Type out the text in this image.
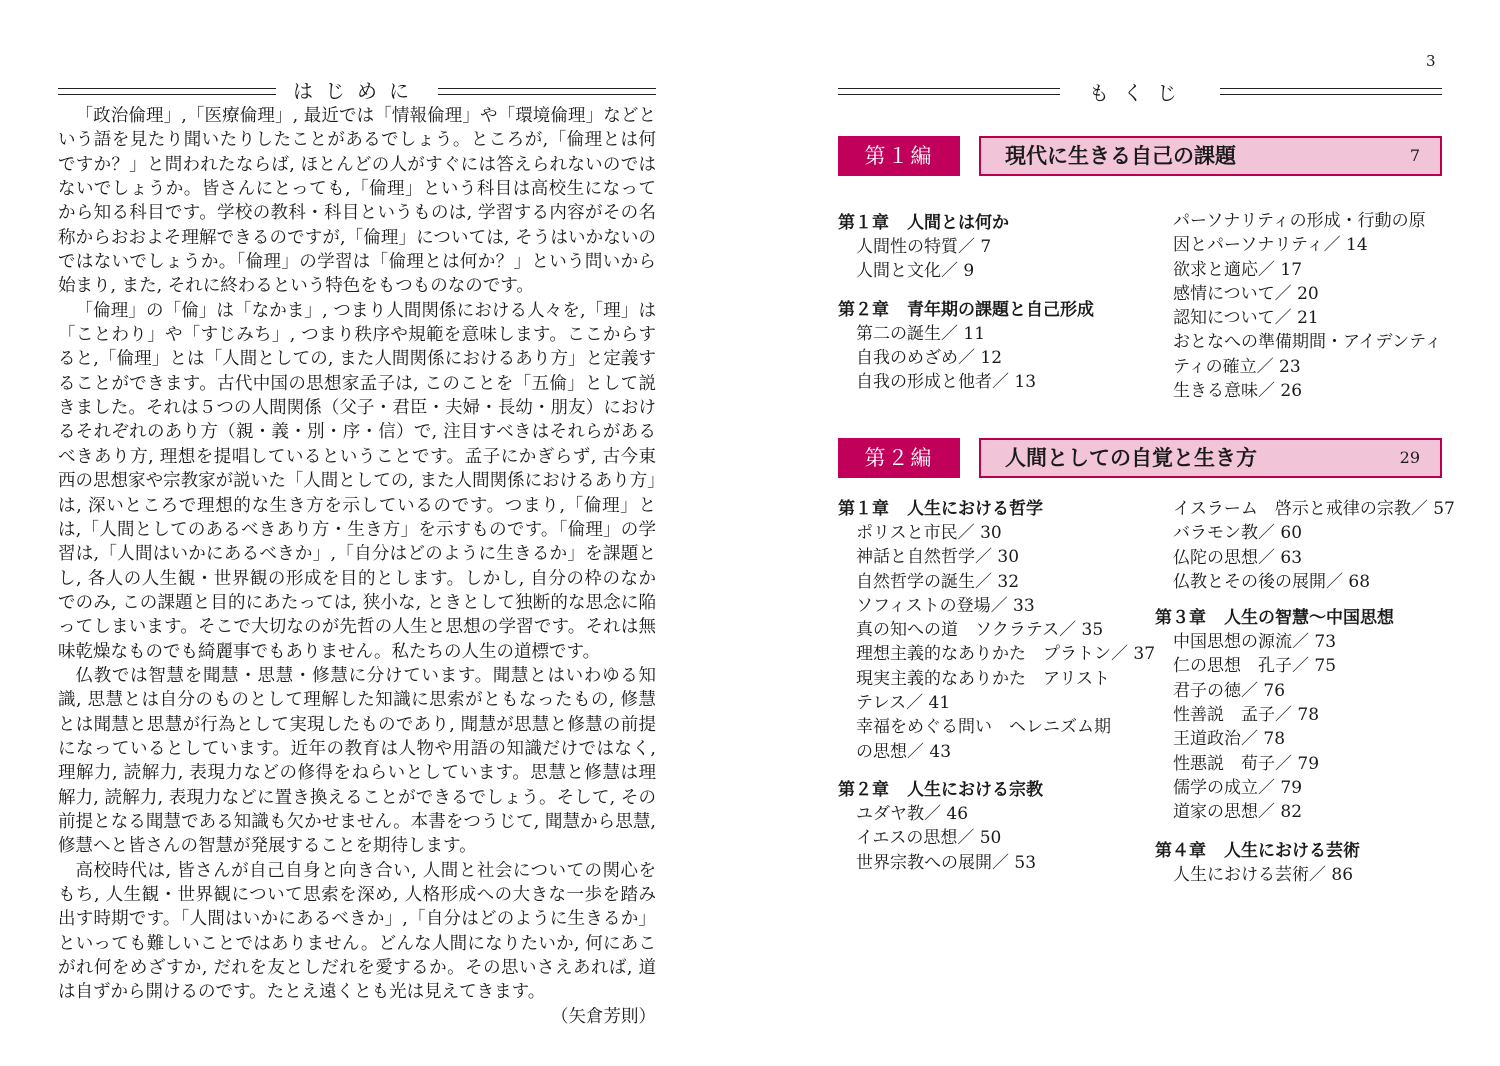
3
はじめに

「政治倫理」,「医療倫理」, 最近では「情報倫理」や「環境倫理」などという語を見たり聞いたりしたことがあるでしょう。ところが,「倫理とは何ですか？」と問われたならば, ほとんどの人がすぐには答えられないのではないでしょうか。皆さんにとっても,「倫理」という科目は高校生になってから知る科目です。学校の教科・科目というものは, 学習する内容がその名称からおおよそ理解できるのですが,「倫理」については, そうはいかないのではないでしょうか。「倫理」の学習は「倫理とは何か？」という問いから始まり, また, それに終わるという特色をもつものなのです。

「倫理」の「倫」は「なかま」, つまり人間関係における人々を,「理」は「ことわり」や「すじみち」, つまり秩序や規範を意味します。ここからすると,「倫理」とは「人間としての, また人間関係におけるあり方」と定義することができます。古代中国の思想家孟子は, このことを「五倫」として説きました。それは５つの人間関係（父子・君臣・夫婦・長幼・朋友）におけるそれぞれのあり方（親・義・別・序・信）で, 注目すべきはそれらがあるべきあり方, 理想を提唱しているということです。孟子にかぎらず, 古今東西の思想家や宗教家が説いた「人間としての, また人間関係におけるあり方」は, 深いところで理想的な生き方を示しているのです。つまり,「倫理」とは,「人間としてのあるべきあり方・生き方」を示すものです。「倫理」の学習は,「人間はいかにあるべきか」,「自分はどのように生きるか」を課題とし, 各人の人生観・世界観の形成を目的とします。しかし, 自分の枠のなかでのみ, この課題と目的にあたっては, 狭小な, ときとして独断的な思念に陥ってしまいます。そこで大切なのが先哲の人生と思想の学習です。それは無味乾燥なものでも綺麗事でもありません。私たちの人生の道標です。

仏教では智慧を聞慧・思慧・修慧に分けています。聞慧とはいわゆる知識, 思慧とは自分のものとして理解した知識に思索がともなったもの, 修慧とは聞慧と思慧が行為として実現したものであり, 聞慧が思慧と修慧の前提になっているとしています。近年の教育は人物や用語の知識だけではなく, 理解力, 読解力, 表現力などの修得をねらいとしています。思慧と修慧は理解力, 読解力, 表現力などに置き換えることができるでしょう。そして, その前提となる聞慧である知識も欠かせません。本書をつうじて, 聞慧から思慧, 修慧へと皆さんの智慧が発展することを期待します。

高校時代は, 皆さんが自己自身と向き合い, 人間と社会についての関心をもち, 人生観・世界観について思索を深め, 人格形成への大きな一歩を踏み出す時期です。「人間はいかにあるべきか」,「自分はどのように生きるか」といっても難しいことではありません。どんな人間になりたいか, 何にあこがれ何をめざすか, だれを友としだれを愛するか。その思いさえあれば, 道は自ずから開けるのです。たとえ遠くとも光は見えてきます。
（矢倉芳則）

もくじ
第１編	現代に生きる自己の課題	7
第１章 人間とは何か
人間性の特質／ 7
人間と文化／ 9
第２章 青年期の課題と自己形成
第二の誕生／ 11
自我のめざめ／ 12
自我の形成と他者／ 13
パーソナリティの形成・行動の原
因とパーソナリティ／ 14
欲求と適応／ 17
感情について／ 20
認知について／ 21
おとなへの準備期間・アイデンティ
ティの確立／ 23
生きる意味／ 26
第２編	人間としての自覚と生き方	29
第１章 人生における哲学
ポリスと市民／ 30
神話と自然哲学／ 30
自然哲学の誕生／ 32
ソフィストの登場／ 33
真の知への道　ソクラテス／ 35
理想主義的なありかた　プラトン／ 37
現実主義的なありかた　アリスト
テレス／ 41
幸福をめぐる問い　ヘレニズム期
の思想／ 43
第２章 人生における宗教
ユダヤ教／ 46
イエスの思想／ 50
世界宗教への展開／ 53
イスラーム　啓示と戒律の宗教／ 57
バラモン教／ 60
仏陀の思想／ 63
仏教とその後の展開／ 68
第３章 人生の智慧〜中国思想
中国思想の源流／ 73
仁の思想　孔子／ 75
君子の徳／ 76
性善説　孟子／ 78
王道政治／ 78
性悪説　荀子／ 79
儒学の成立／ 79
道家の思想／ 82
第４章 人生における芸術
人生における芸術／ 86
